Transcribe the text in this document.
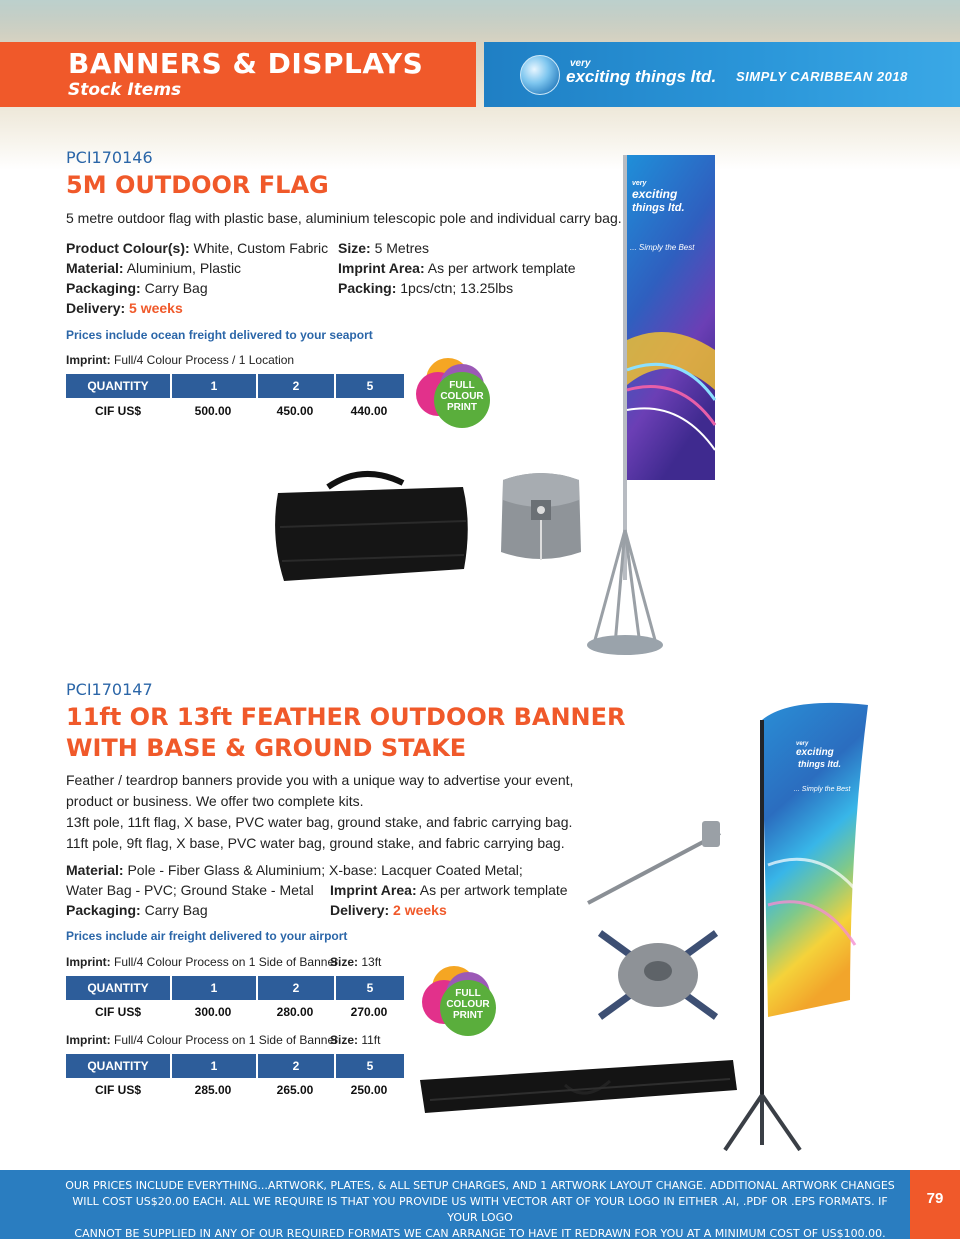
BANNERS & DISPLAYS
Stock Items
very
exciting things ltd. SIMPLY CARIBBEAN 2018
PCI170146
5M OUTDOOR FLAG
5 metre outdoor flag with plastic base, aluminium telescopic pole and individual carry bag.
Product Colour(s): White, Custom Fabric
Material: Aluminium, Plastic
Packaging: Carry Bag
Delivery: 5 weeks
Size: 5 Metres
Imprint Area: As per artwork template
Packing: 1pcs/ctn; 13.25lbs
Prices include ocean freight delivered to your seaport
Imprint: Full/4 Colour Process / 1 Location
QUANTITY	1	2	5
CIF US$	500.00	450.00	440.00
FULL
COLOUR
PRINT
very
exciting
things ltd.
... Simply the Best
PCI170147
11ft OR 13ft FEATHER OUTDOOR BANNER
WITH BASE & GROUND STAKE
Feather / teardrop banners provide you with a unique way to advertise your event,
product or business. We offer two complete kits.
13ft pole, 11ft flag, X base, PVC water bag, ground stake, and fabric carrying bag.
11ft pole, 9ft flag, X base, PVC water bag, ground stake, and fabric carrying bag.
Material: Pole - Fiber Glass & Aluminium; X-base: Lacquer Coated Metal;
Water Bag - PVC; Ground Stake - Metal Imprint Area: As per artwork template
Packaging: Carry Bag	Delivery: 2 weeks
Prices include air freight delivered to your airport
Imprint: Full/4 Colour Process on 1 Side of Banner
Size: 13ft
QUANTITY	1	2	5
CIF US$	300.00	280.00	270.00
Imprint: Full/4 Colour Process on 1 Side of Banner
Size: 11ft
QUANTITY	1	2	5
CIF US$	285.00	265.00	250.00
FULL
COLOUR
PRINT
very
exciting
things ltd.
... Simply the Best
OUR PRICES INCLUDE EVERYTHING...ARTWORK, PLATES, & ALL SETUP CHARGES, AND 1 ARTWORK LAYOUT CHANGE. ADDITIONAL ARTWORK CHANGES
WILL COST US$20.00 EACH. ALL WE REQUIRE IS THAT YOU PROVIDE US WITH VECTOR ART OF YOUR LOGO IN EITHER .AI, .PDF OR .EPS FORMATS. IF YOUR LOGO
CANNOT BE SUPPLIED IN ANY OF OUR REQUIRED FORMATS WE CAN ARRANGE TO HAVE IT REDRAWN FOR YOU AT A MINIMUM COST OF US$100.00.
79
